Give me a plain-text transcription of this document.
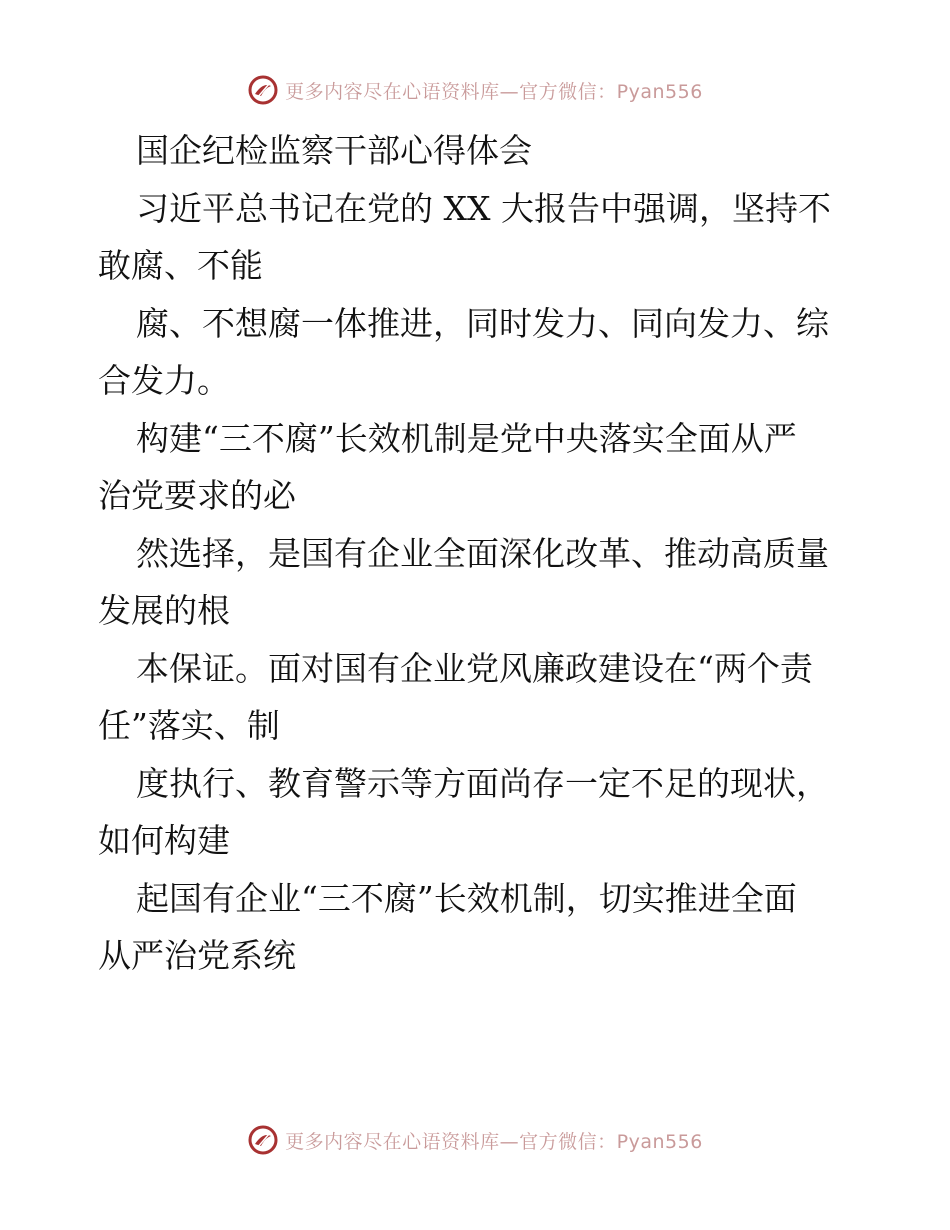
更多内容尽在心语资料库—官方微信：Pyan556
国企纪检监察干部心得体会
习近平总书记在党的 XX 大报告中强调，坚持不
敢腐、不能
腐、不想腐一体推进，同时发力、同向发力、综
合发力。
构建“三不腐”长效机制是党中央落实全面从严
治党要求的必
然选择，是国有企业全面深化改革、推动高质量
发展的根
本保证。面对国有企业党风廉政建设在“两个责
任”落实、制
度执行、教育警示等方面尚存一定不足的现状，
如何构建
起国有企业“三不腐”长效机制，切实推进全面
从严治党系统
更多内容尽在心语资料库—官方微信：Pyan556
